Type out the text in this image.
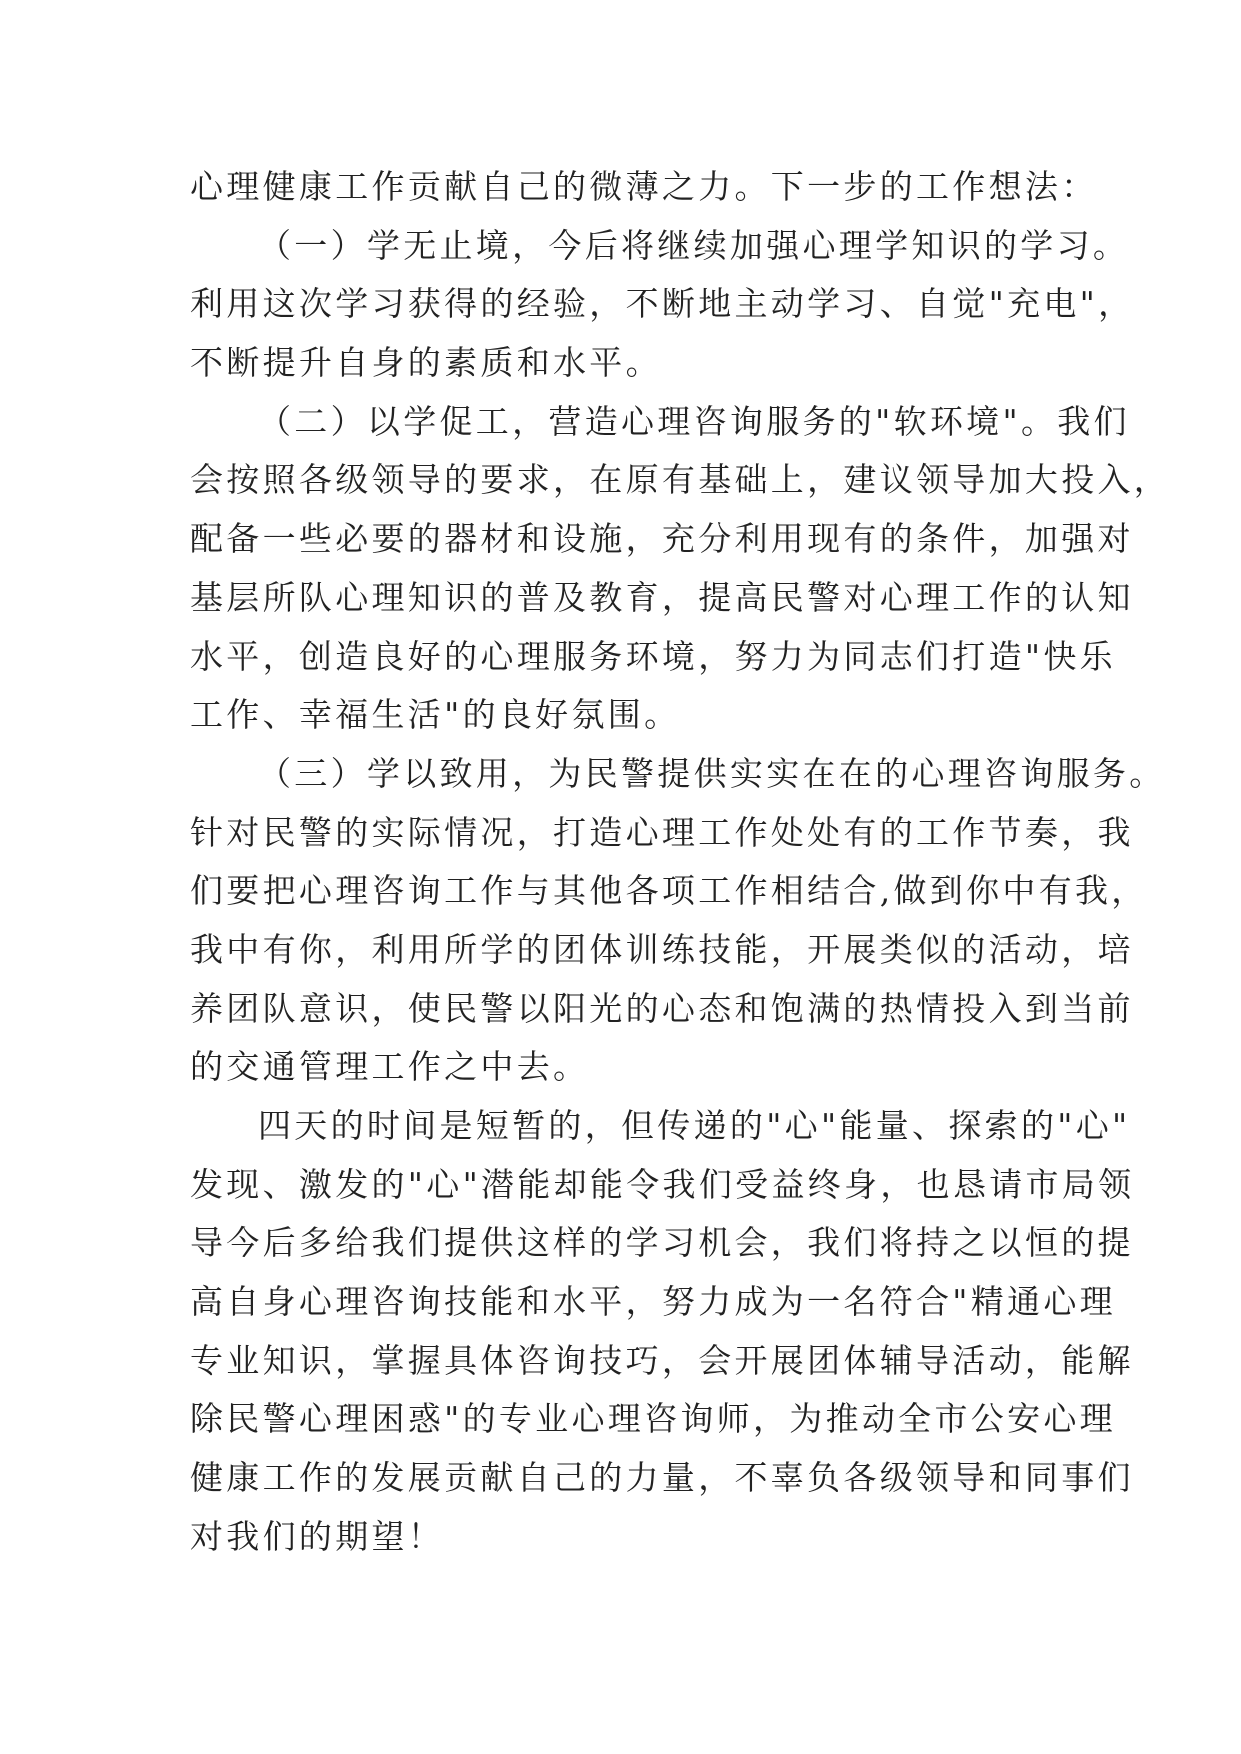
心理健康工作贡献自己的微薄之力。下一步的工作想法：
（一）学无止境，今后将继续加强心理学知识的学习。
利用这次学习获得的经验，不断地主动学习、自觉"充电"，
不断提升自身的素质和水平。
（二）以学促工，营造心理咨询服务的"软环境"。我们
会按照各级领导的要求，在原有基础上，建议领导加大投入，
配备一些必要的器材和设施，充分利用现有的条件，加强对
基层所队心理知识的普及教育，提高民警对心理工作的认知
水平，创造良好的心理服务环境，努力为同志们打造"快乐
工作、幸福生活"的良好氛围。
（三）学以致用，为民警提供实实在在的心理咨询服务。
针对民警的实际情况，打造心理工作处处有的工作节奏，我
们要把心理咨询工作与其他各项工作相结合,做到你中有我，
我中有你，利用所学的团体训练技能，开展类似的活动，培
养团队意识，使民警以阳光的心态和饱满的热情投入到当前
的交通管理工作之中去。
四天的时间是短暂的，但传递的"心"能量、探索的"心"
发现、激发的"心"潜能却能令我们受益终身，也恳请市局领
导今后多给我们提供这样的学习机会，我们将持之以恒的提
高自身心理咨询技能和水平，努力成为一名符合"精通心理
专业知识，掌握具体咨询技巧，会开展团体辅导活动，能解
除民警心理困惑"的专业心理咨询师，为推动全市公安心理
健康工作的发展贡献自己的力量，不辜负各级领导和同事们
对我们的期望！
